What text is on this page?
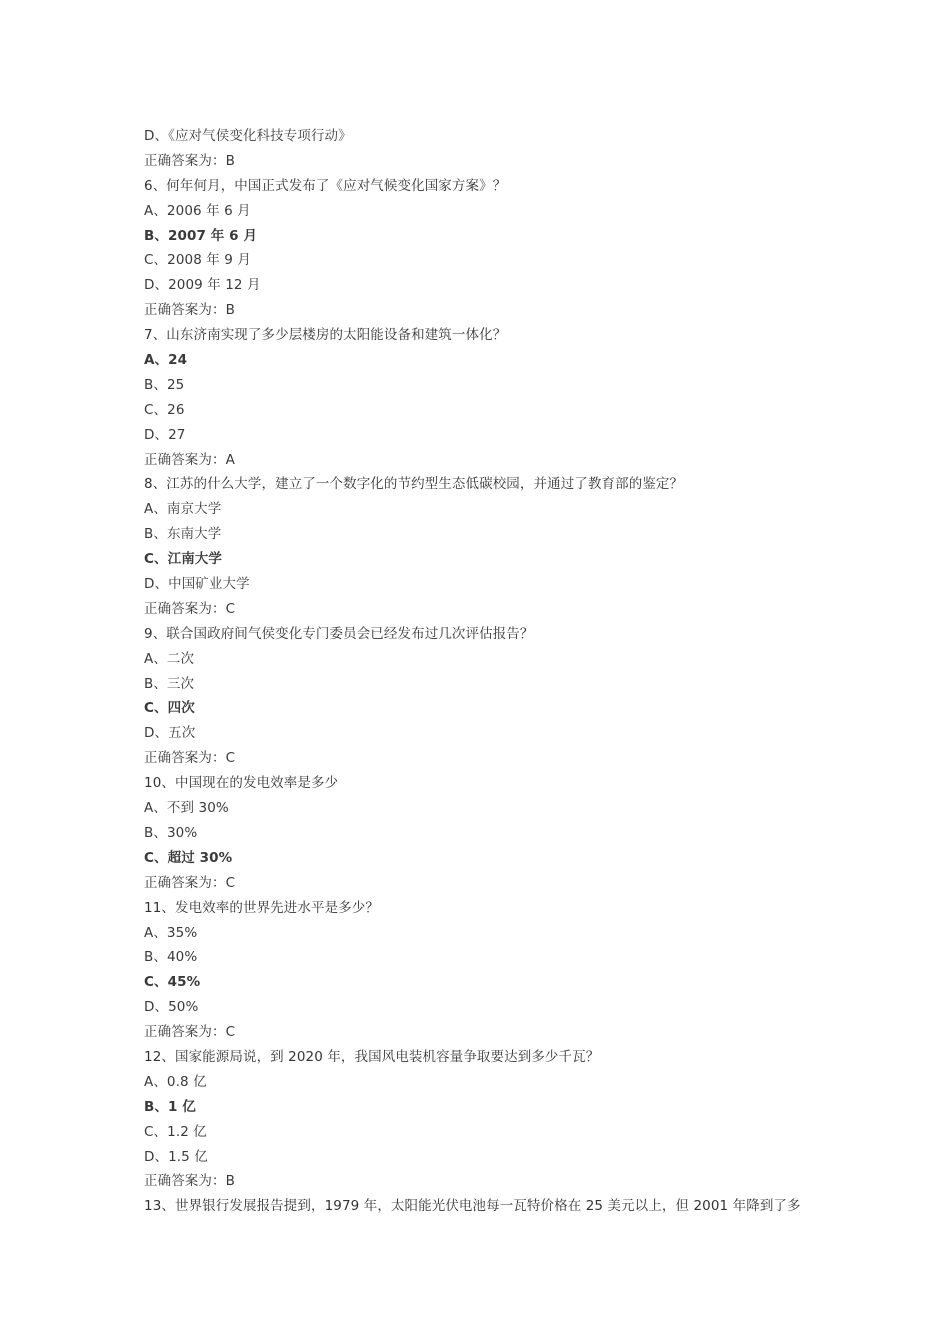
D、《应对气侯变化科技专项行动》
正确答案为：B
6、何年何月，中国正式发布了《应对气候变化国家方案》？
A、2006 年 6 月
B、2007 年 6 月
C、2008 年 9 月
D、2009 年 12 月
正确答案为：B
7、山东济南实现了多少层楼房的太阳能设备和建筑一体化？
A、24
B、25
C、26
D、27
正确答案为：A
8、江苏的什么大学，建立了一个数字化的节约型生态低碳校园，并通过了教育部的鉴定？
A、南京大学
B、东南大学
C、江南大学
D、中国矿业大学
正确答案为：C
9、联合国政府间气侯变化专门委员会已经发布过几次评估报告？
A、二次
B、三次
C、四次
D、五次
正确答案为：C
10、中国现在的发电效率是多少
A、不到 30%
B、30%
C、超过 30%
正确答案为：C
11、发电效率的世界先进水平是多少？
A、35%
B、40%
C、45%
D、50%
正确答案为：C
12、国家能源局说，到 2020 年，我国风电装机容量争取要达到多少千瓦？
A、0.8 亿
B、1 亿
C、1.2 亿
D、1.5 亿
正确答案为：B
13、世界银行发展报告提到，1979 年，太阳能光伏电池每一瓦特价格在 25 美元以上，但 2001 年降到了多
